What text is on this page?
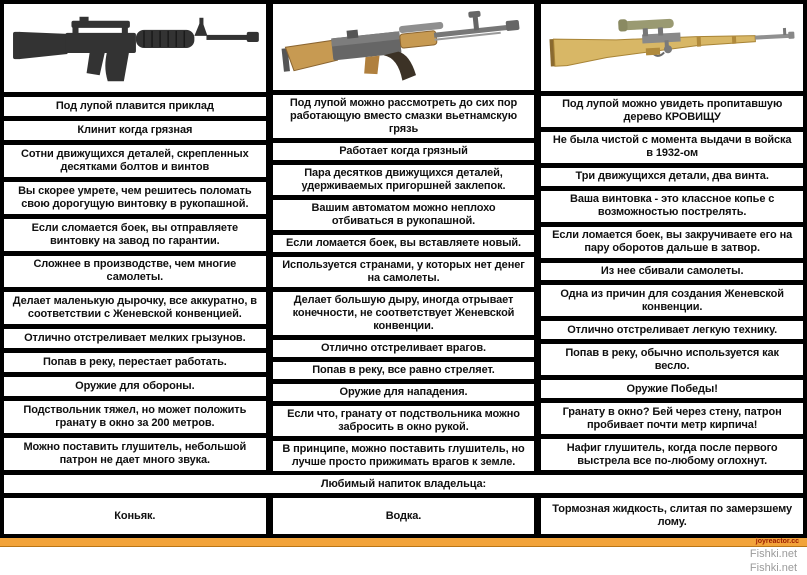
Под лупой плавится приклад
Клинит когда грязная
Сотни движущихся деталей, скрепленных десятками болтов и винтов
Вы скорее умрете, чем решитесь поломать свою дорогущую винтовку в рукопашной.
Если сломается боек, вы отправляете винтовку на завод по гарантии.
Сложнее в производстве, чем многие самолеты.
Делает маленькую дырочку, все аккуратно, в соответствии с Женевской конвенцией.
Отлично отстреливает мелких грызунов.
Попав в реку, перестает работать.
Оружие для обороны.
Подствольник тяжел, но может положить гранату в окно за 200 метров.
Можно поставить глушитель, небольшой патрон не дает много звука.
Под лупой можно рассмотреть до сих пор работающую вместо смазки вьетнамскую грязь
Работает когда грязный
Пара десятков движущихся деталей, удерживаемых пригоршней заклепок.
Вашим автоматом можно неплохо отбиваться в рукопашной.
Если ломается боек, вы вставляете новый.
Используется странами, у которых нет денег на самолеты.
Делает большую дыру, иногда отрывает конечности, не соответствует Женевской конвенции.
Отлично отстреливает врагов.
Попав в реку, все равно стреляет.
Оружие для нападения.
Если что, гранату от подствольника можно забросить в окно рукой.
В принципе, можно поставить глушитель, но лучше просто прижимать врагов к земле.
Под лупой можно увидеть пропитавшую дерево КРОВИЩУ
Не была чистой с момента выдачи в войска в 1932-ом
Три движущихся детали, два винта.
Ваша винтовка - это классное копье с возможностью пострелять.
Если ломается боек, вы закручиваете его на пару оборотов дальше в затвор.
Из нее сбивали самолеты.
Одна из причин для создания Женевской конвенции.
Отлично отстреливает легкую технику.
Попав в реку, обычно используется как весло.
Оружие Победы!
Гранату в окно? Бей через стену, патрон пробивает почти метр кирпича!
Нафиг глушитель, когда после первого выстрела все по-любому оглохнут.
Любимый напиток владельца:
Коньяк.	Водка.
Тормозная жидкость, слитая по замерзшему лому.
joyreactor.cc
Fishki.net
Fishki.net
